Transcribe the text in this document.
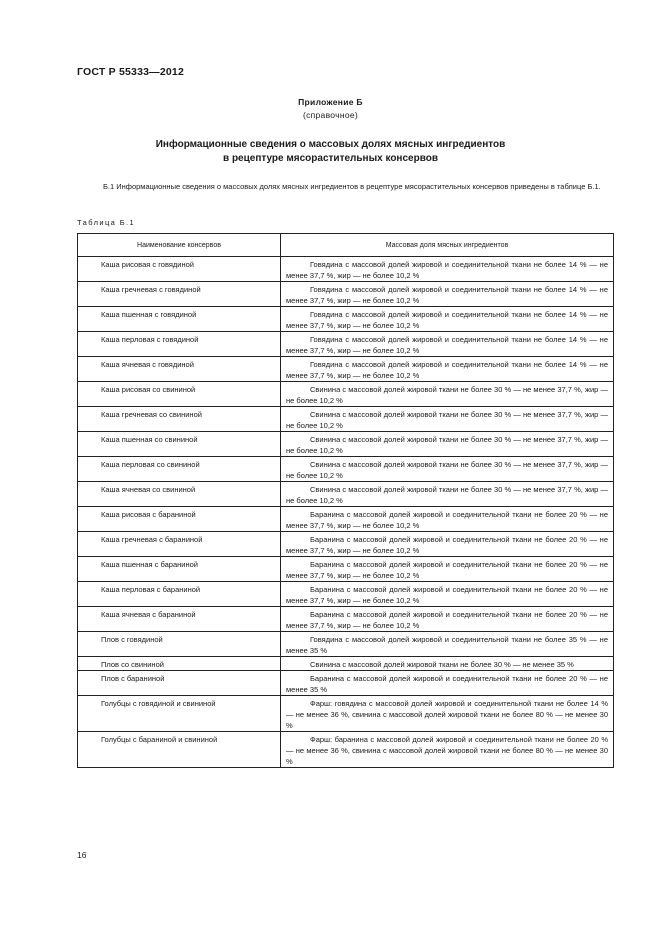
ГОСТ Р 55333—2012
Приложение Б
(справочное)
Информационные сведения о массовых долях мясных ингредиентов
в рецептуре мясорастительных консервов
Б.1 Информационные сведения о массовых долях мясных ингредиентов в рецептуре мясорастительных консервов приведены в таблице Б.1.
Таблица Б.1
Наименование консервов	Массовая доля мясных ингредиентов
Каша рисовая с говядиной	Говядина с массовой долей жировой и соединительной ткани не более 14 % — не менее 37,7 %, жир — не более 10,2 %
Каша гречневая с говядиной	Говядина с массовой долей жировой и соединительной ткани не более 14 % — не менее 37,7 %, жир — не более 10,2 %
Каша пшенная с говядиной	Говядина с массовой долей жировой и соединительной ткани не более 14 % — не менее 37,7 %, жир — не более 10,2 %
Каша перловая с говядиной	Говядина с массовой долей жировой и соединительной ткани не более 14 % — не менее 37,7 %, жир — не более 10,2 %
Каша ячневая с говядиной	Говядина с массовой долей жировой и соединительной ткани не более 14 % — не менее 37,7 %, жир — не более 10,2 %
Каша рисовая со свининой	Свинина с массовой долей жировой ткани не более 30 % — не менее 37,7 %, жир — не более 10,2 %
Каша гречневая со свининой	Свинина с массовой долей жировой ткани не более 30 % — не менее 37,7 %, жир — не более 10,2 %
Каша пшенная со свининой	Свинина с массовой долей жировой ткани не более 30 % — не менее 37,7 %, жир — не более 10,2 %
Каша перловая со свининой	Свинина с массовой долей жировой ткани не более 30 % — не менее 37,7 %, жир — не более 10,2 %
Каша ячневая со свининой	Свинина с массовой долей жировой ткани не более 30 % — не менее 37,7 %, жир — не более 10,2 %
Каша рисовая с бараниной	Баранина с массовой долей жировой и соединительной ткани не более 20 % — не менее 37,7 %, жир — не более 10,2 %
Каша гречневая с бараниной	Баранина с массовой долей жировой и соединительной ткани не более 20 % — не менее 37,7 %, жир — не более 10,2 %
Каша пшенная с бараниной	Баранина с массовой долей жировой и соединительной ткани не более 20 % — не менее 37,7 %, жир — не более 10,2 %
Каша перловая с бараниной	Баранина с массовой долей жировой и соединительной ткани не более 20 % — не менее 37,7 %, жир — не более 10,2 %
Каша ячневая с бараниной	Баранина с массовой долей жировой и соединительной ткани не более 20 % — не менее 37,7 %, жир — не более 10,2 %
Плов с говядиной	Говядина с массовой долей жировой и соединительной ткани не более 35 % — не менее 35 %
Плов со свининой	Свинина с массовой долей жировой ткани не более 30 % — не менее 35 %
Плов с бараниной	Баранина с массовой долей жировой и соединительной ткани не более 20 % — не менее 35 %
Голубцы с говядиной и свининой	Фарш: говядина с массовой долей жировой и соединительной ткани не более 14 % — не менее 36 %, свинина с массовой долей жировой ткани не более 80 % — не менее 30 %
Голубцы с бараниной и свининой	Фарш: баранина с массовой долей жировой и соединительной ткани не более 20 % — не менее 36 %, свинина с массовой долей жировой ткани не более 80 % — не менее 30 %
16
